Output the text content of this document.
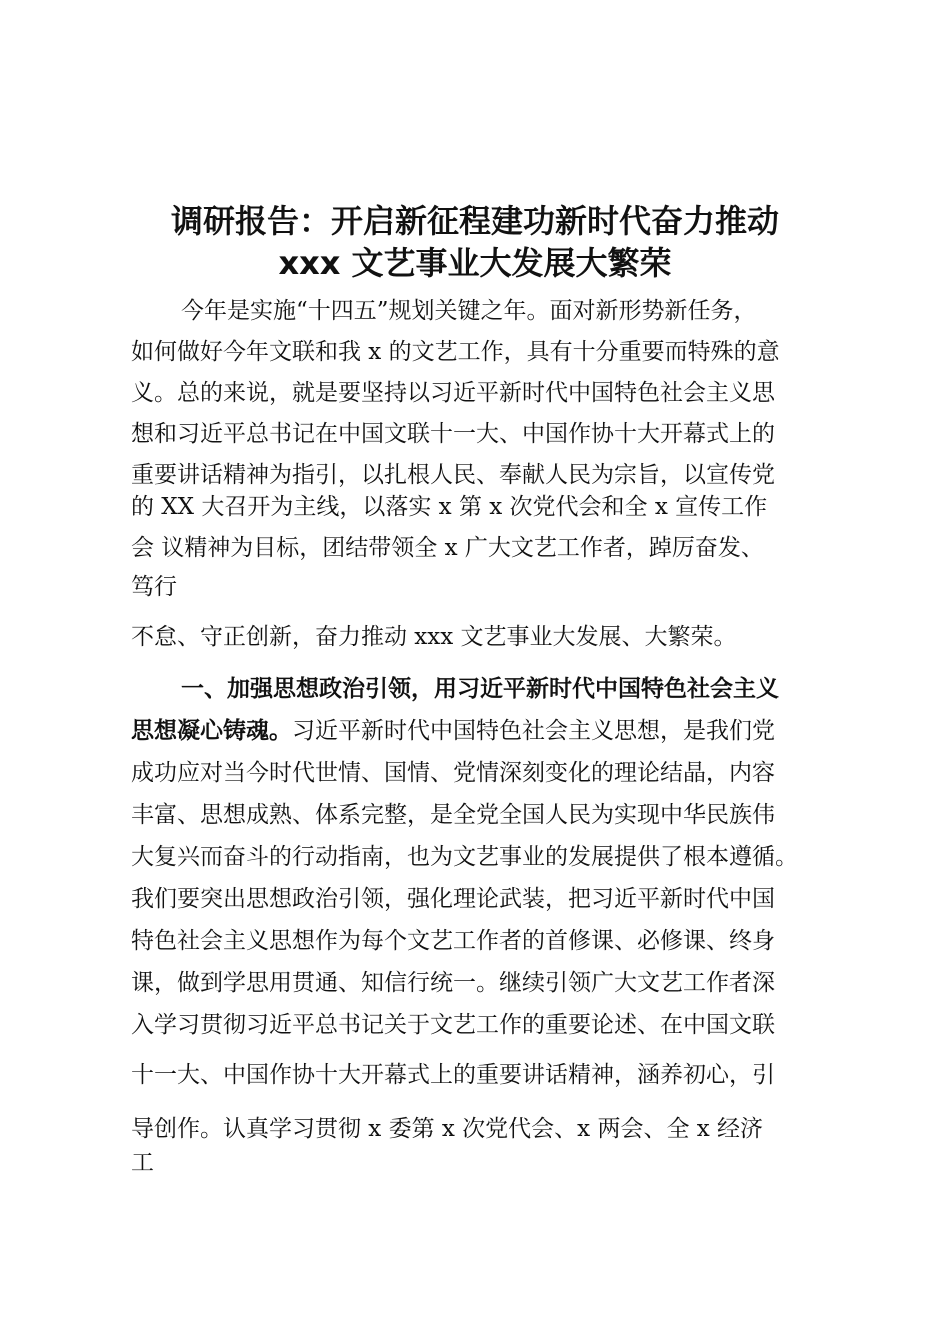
调研报告：开启新征程建功新时代奋力推动
xxx 文艺事业大发展大繁荣
今年是实施“十四五”规划关键之年。面对新形势新任务，
如何做好今年文联和我 x 的文艺工作，具有十分重要而特殊的意
义。总的来说，就是要坚持以习近平新时代中国特色社会主义思
想和习近平总书记在中国文联十一大、中国作协十大开幕式上的
重要讲话精神为指引，以扎根人民、奉献人民为宗旨，以宣传党
的 XX 大召开为主线，以落实 x 第 x 次党代会和全 x 宣传工作
会 议精神为目标，团结带领全 x 广大文艺工作者，踔厉奋发、
笃行
不怠、守正创新，奋力推动 xxx 文艺事业大发展、大繁荣。
一、加强思想政治引领，用习近平新时代中国特色社会主义
思想凝心铸魂。习近平新时代中国特色社会主义思想，是我们党
成功应对当今时代世情、国情、党情深刻变化的理论结晶，内容
丰富、思想成熟、体系完整，是全党全国人民为实现中华民族伟
大复兴而奋斗的行动指南，也为文艺事业的发展提供了根本遵循。
我们要突出思想政治引领，强化理论武装，把习近平新时代中国
特色社会主义思想作为每个文艺工作者的首修课、必修课、终身
课，做到学思用贯通、知信行统一。继续引领广大文艺工作者深
入学习贯彻习近平总书记关于文艺工作的重要论述、在中国文联
十一大、中国作协十大开幕式上的重要讲话精神，涵养初心，引
导创作。认真学习贯彻 x 委第 x 次党代会、x 两会、全 x 经济
工
